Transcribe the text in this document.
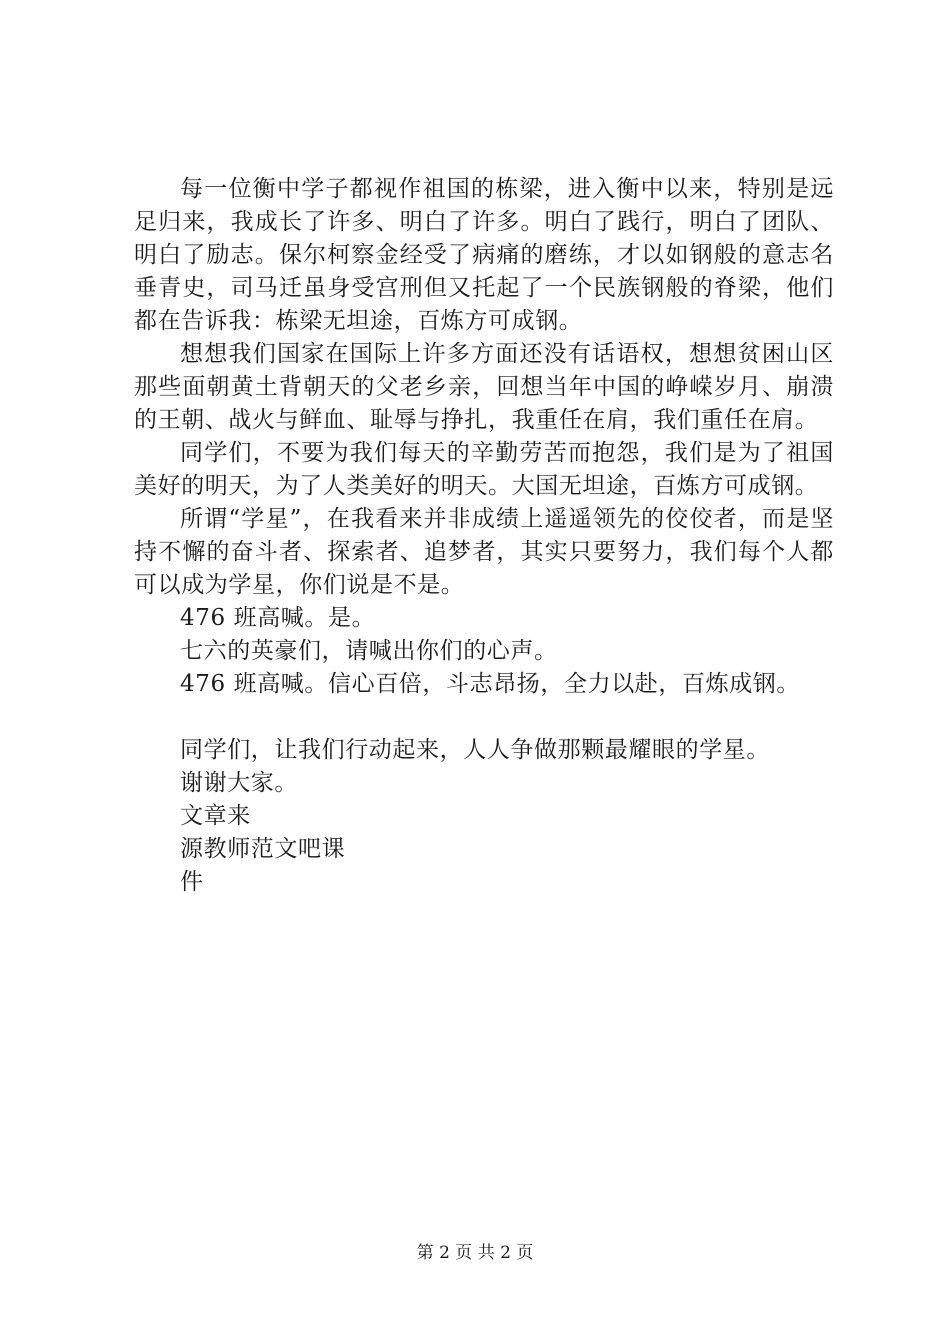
每一位衡中学子都视作祖国的栋梁，进入衡中以来，特别是远足归来，我成长了许多、明白了许多。明白了践行，明白了团队、明白了励志。保尔柯察金经受了病痛的磨练，才以如钢般的意志名垂青史，司马迁虽身受宫刑但又托起了一个民族钢般的脊梁，他们都在告诉我：栋梁无坦途，百炼方可成钢。

想想我们国家在国际上许多方面还没有话语权，想想贫困山区那些面朝黄土背朝天的父老乡亲，回想当年中国的峥嵘岁月、崩溃的王朝、战火与鲜血、耻辱与挣扎，我重任在肩，我们重任在肩。

同学们，不要为我们每天的辛勤劳苦而抱怨，我们是为了祖国美好的明天，为了人类美好的明天。大国无坦途，百炼方可成钢。

所谓“学星”，在我看来并非成绩上遥遥领先的佼佼者，而是坚持不懈的奋斗者、探索者、追梦者，其实只要努力，我们每个人都可以成为学星，你们说是不是。

476 班高喊。是。

七六的英豪们，请喊出你们的心声。

476 班高喊。信心百倍，斗志昂扬，全力以赴，百炼成钢。

同学们，让我们行动起来，人人争做那颗最耀眼的学星。

谢谢大家。

文章来

源教师范文吧课

件

第 2 页 共 2 页
